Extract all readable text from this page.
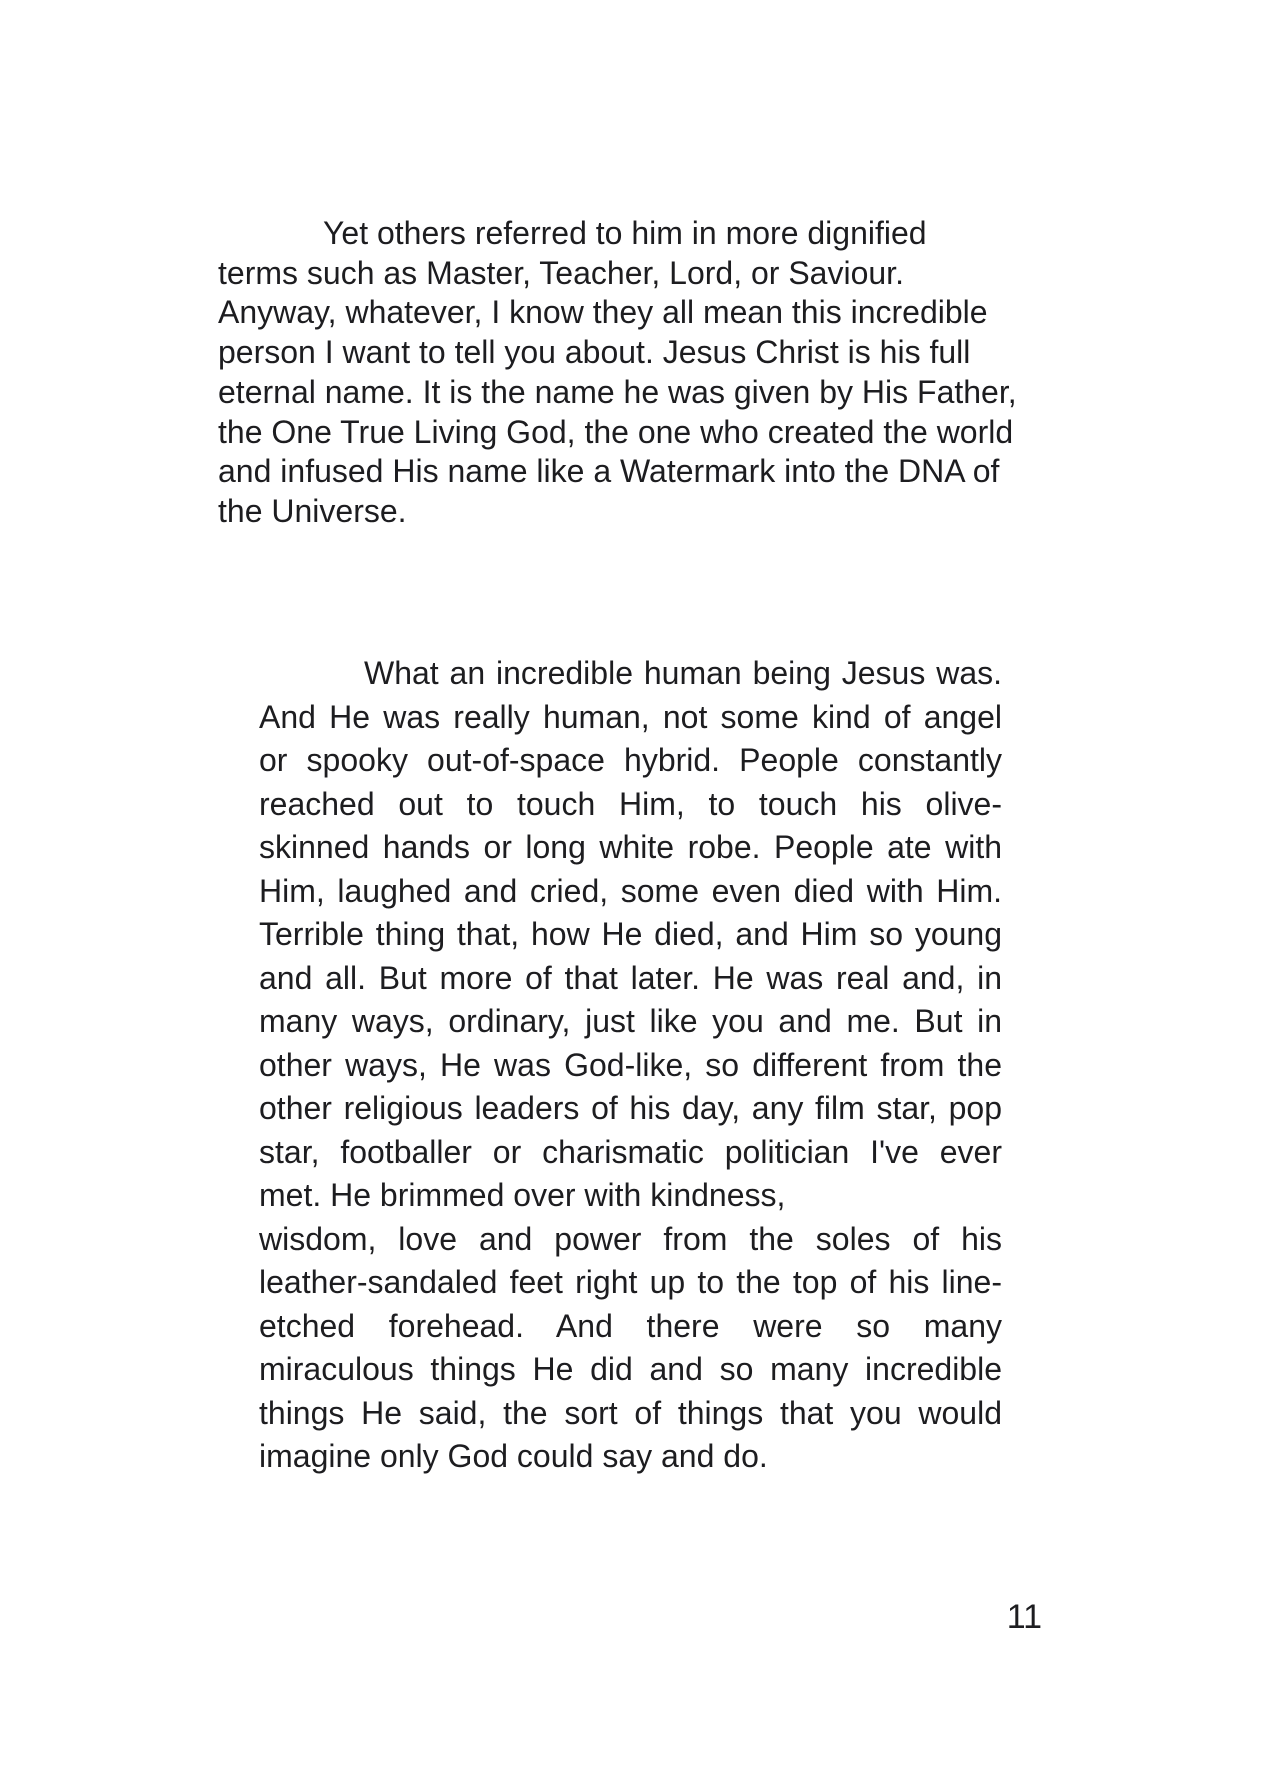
Yet others referred to him in more dignified
terms such as Master, Teacher, Lord, or Saviour.
Anyway, whatever, I know they all mean this incredible
person I want to tell you about. Jesus Christ is his full
eternal name. It is the name he was given by His Father,
the One True Living God, the one who created the world
and infused His name like a Watermark into the DNA of
the Universe.
What an incredible human being Jesus was.
And He was really human, not some kind of angel
or spooky out-of-space hybrid. People constantly
reached out to touch Him, to touch his olive-
skinned hands or long white robe. People ate with
Him, laughed and cried, some even died with Him.
Terrible thing that, how He died, and Him so young
and all. But more of that later. He was real and, in
many ways, ordinary, just like you and me. But in
other ways, He was God-like, so different from the
other religious leaders of his day, any film star, pop
star, footballer or charismatic politician I've ever
met. He brimmed over with kindness,
wisdom, love and power from the soles of his
leather-sandaled feet right up to the top of his line-
etched forehead. And there were so many
miraculous things He did and so many incredible
things He said, the sort of things that you would
imagine only God could say and do.
11
